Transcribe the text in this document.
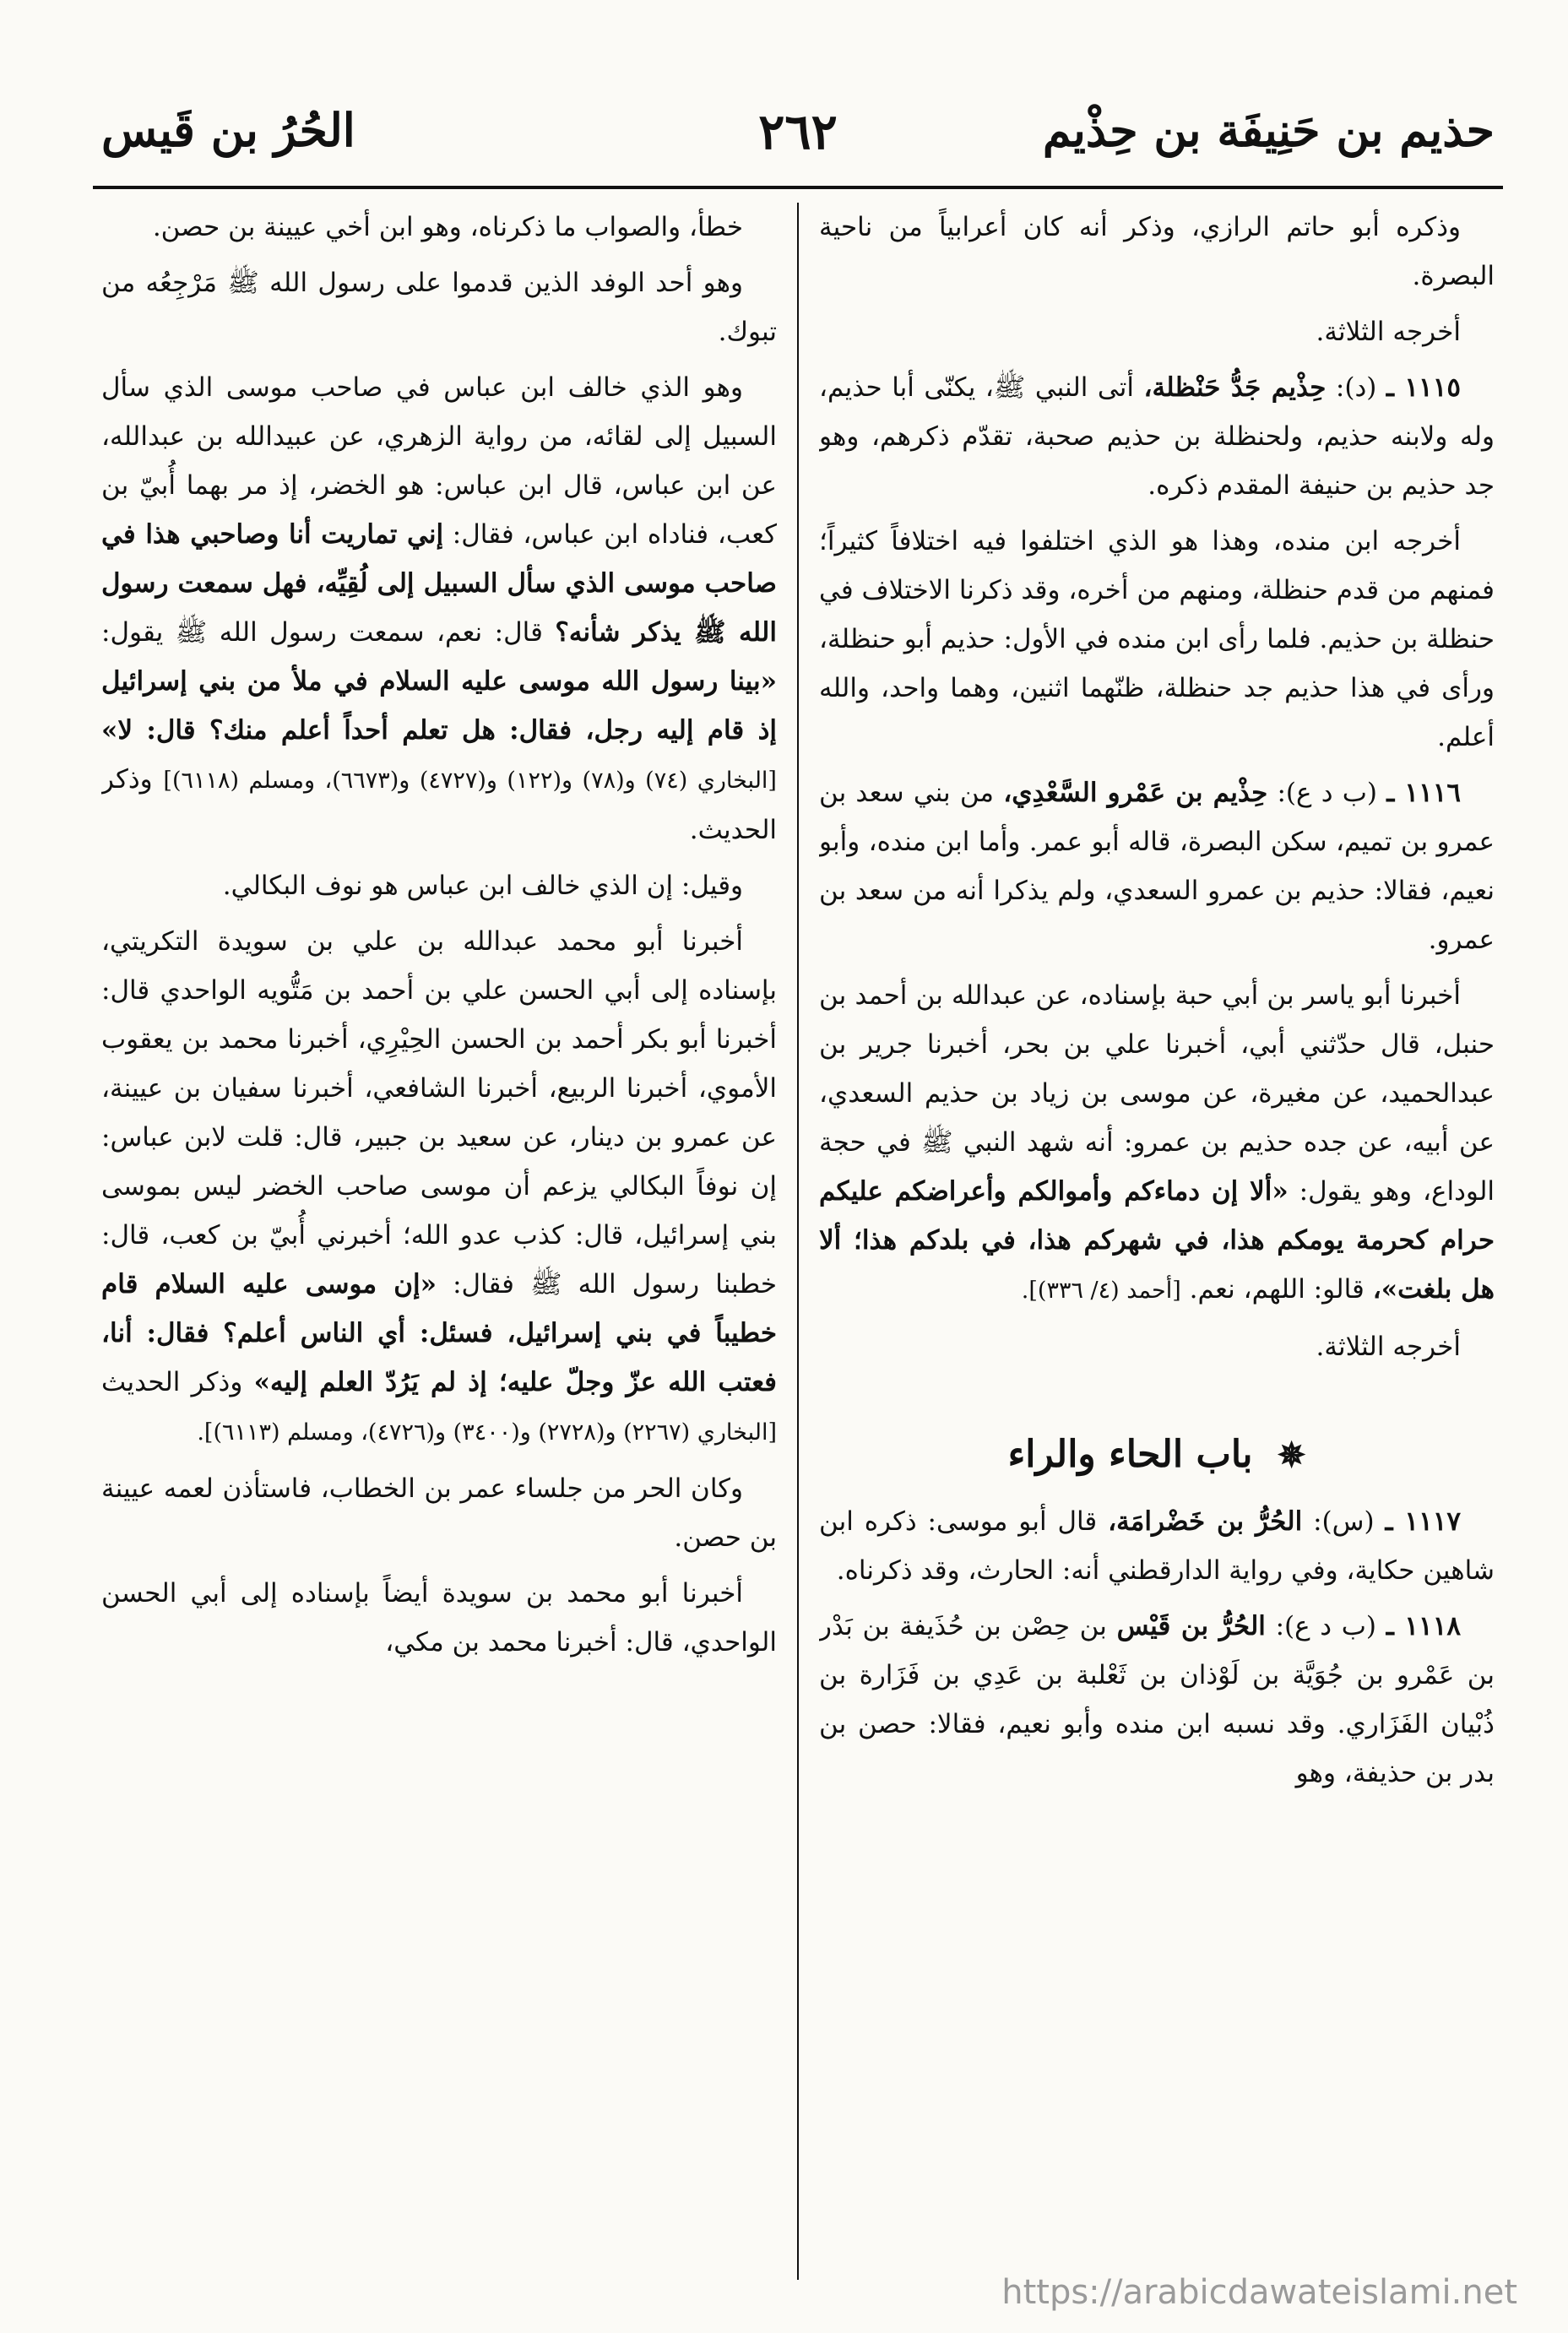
حذيم بن حَنِيفَة بن حِذْيم
٢٦٢
الحُرُ بن قَيس

وذكره أبو حاتم الرازي، وذكر أنه كان أعرابياً من ناحية البصرة.

أخرجه الثلاثة.

١١١٥ ـ (د): حِذْيم جَدُّ حَنْظلة، أتى النبي ﷺ، يكنّى أبا حذيم، وله ولابنه حذيم، ولحنظلة بن حذيم صحبة، تقدّم ذكرهم، وهو جد حذيم بن حنيفة المقدم ذكره.

أخرجه ابن منده، وهذا هو الذي اختلفوا فيه اختلافاً كثيراً؛ فمنهم من قدم حنظلة، ومنهم من أخره، وقد ذكرنا الاختلاف في حنظلة بن حذيم. فلما رأى ابن منده في الأول: حذيم أبو حنظلة، ورأى في هذا حذيم جد حنظلة، ظنّهما اثنين، وهما واحد، والله أعلم.

١١١٦ ـ (ب د ع): حِذْيم بن عَمْرو السَّعْدِي، من بني سعد بن عمرو بن تميم، سكن البصرة، قاله أبو عمر. وأما ابن منده، وأبو نعيم، فقالا: حذيم بن عمرو السعدي، ولم يذكرا أنه من سعد بن عمرو.

أخبرنا أبو ياسر بن أبي حبة بإسناده، عن عبدالله بن أحمد بن حنبل، قال حدّثني أبي، أخبرنا علي بن بحر، أخبرنا جرير بن عبدالحميد، عن مغيرة، عن موسى بن زياد بن حذيم السعدي، عن أبيه، عن جده حذيم بن عمرو: أنه شهد النبي ﷺ في حجة الوداع، وهو يقول: «ألا إن دماءكم وأموالكم وأعراضكم عليكم حرام كحرمة يومكم هذا، في شهركم هذا، في بلدكم هذا؛ ألا هل بلغت»، قالو: اللهم، نعم. [أحمد (٤/ ٣٣٦)].

أخرجه الثلاثة.

✵ باب الحاء والراء

١١١٧ ـ (س): الحُرُّ بن خَضْرامَة، قال أبو موسى: ذكره ابن شاهين حكاية، وفي رواية الدارقطني أنه: الحارث، وقد ذكرناه.

١١١٨ ـ (ب د ع): الحُرُّ بن قَيْس بن حِصْن بن حُذَيفة بن بَدْر بن عَمْرو بن جُوَيَّة بن لَوْذان بن ثَعْلبة بن عَدِي بن فَزَارة بن ذُبْيان الفَزَاري. وقد نسبه ابن منده وأبو نعيم، فقالا: حصن بن بدر بن حذيفة، وهو

خطأ، والصواب ما ذكرناه، وهو ابن أخي عيينة بن حصن.

وهو أحد الوفد الذين قدموا على رسول الله ﷺ مَرْجِعُه من تبوك.

وهو الذي خالف ابن عباس في صاحب موسى الذي سأل السبيل إلى لقائه، من رواية الزهري، عن عبيدالله بن عبدالله، عن ابن عباس، قال ابن عباس: هو الخضر، إذ مر بهما أُبيّ بن كعب، فناداه ابن عباس، فقال: إني تماريت أنا وصاحبي هذا في صاحب موسى الذي سأل السبيل إلى لُقِيِّه، فهل سمعت رسول الله ﷺ يذكر شأنه؟ قال: نعم، سمعت رسول الله ﷺ يقول: «بينا رسول الله موسى عليه السلام في ملأ من بني إسرائيل إذ قام إليه رجل، فقال: هل تعلم أحداً أعلم منك؟ قال: لا» [البخاري (٧٤) و(٧٨) و(١٢٢) و(٤٧٢٧) و(٦٦٧٣)، ومسلم (٦١١٨)] وذكر الحديث.

وقيل: إن الذي خالف ابن عباس هو نوف البكالي.

أخبرنا أبو محمد عبدالله بن علي بن سويدة التكريتي، بإسناده إلى أبي الحسن علي بن أحمد بن مَتُّويه الواحدي قال: أخبرنا أبو بكر أحمد بن الحسن الحِيْرِي، أخبرنا محمد بن يعقوب الأموي، أخبرنا الربيع، أخبرنا الشافعي، أخبرنا سفيان بن عيينة، عن عمرو بن دينار، عن سعيد بن جبير، قال: قلت لابن عباس: إن نوفاً البكالي يزعم أن موسى صاحب الخضر ليس بموسى بني إسرائيل، قال: كذب عدو الله؛ أخبرني أُبيّ بن كعب، قال: خطبنا رسول الله ﷺ فقال: «إن موسى عليه السلام قام خطيباً في بني إسرائيل، فسئل: أي الناس أعلم؟ فقال: أنا، فعتب الله عزّ وجلّ عليه؛ إذ لم يَرُدّ العلم إليه» وذكر الحديث [البخاري (٢٢٦٧) و(٢٧٢٨) و(٣٤٠٠) و(٤٧٢٦)، ومسلم (٦١١٣)].

وكان الحر من جلساء عمر بن الخطاب، فاستأذن لعمه عيينة بن حصن.

أخبرنا أبو محمد بن سويدة أيضاً بإسناده إلى أبي الحسن الواحدي، قال: أخبرنا محمد بن مكي،

https://arabicdawateislami.net
